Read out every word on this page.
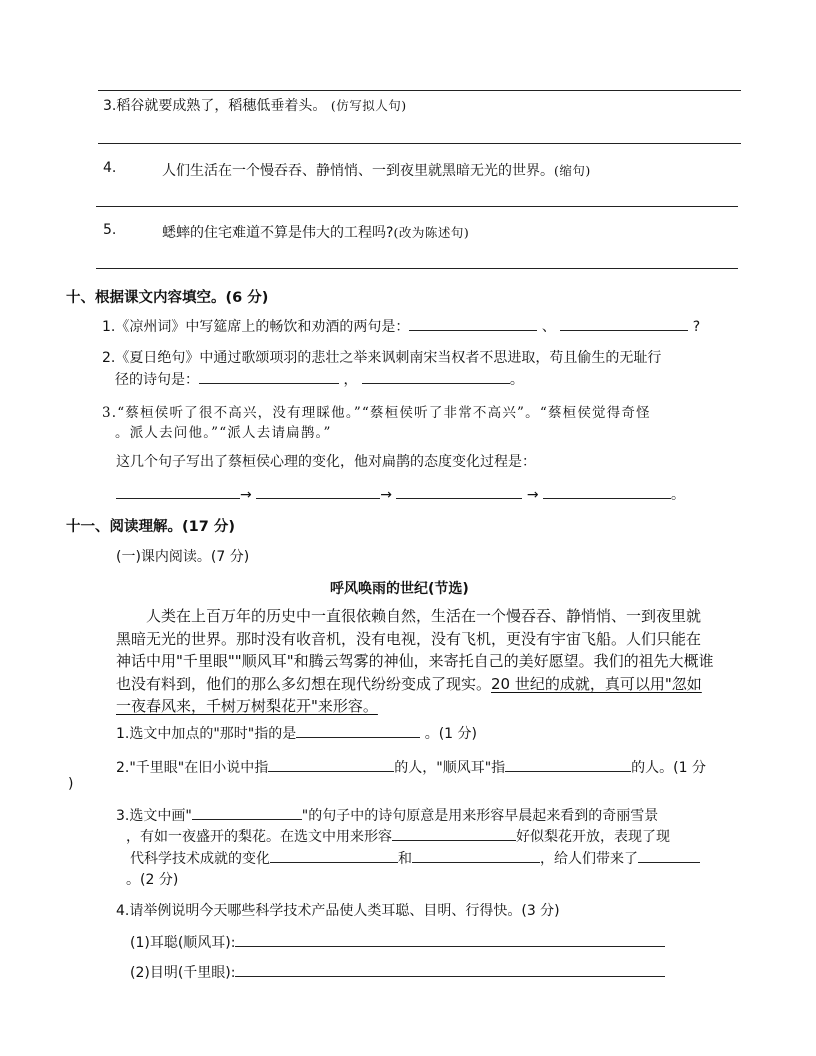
3.稻谷就要成熟了，稻穗低垂着头。 (仿写拟人句)
4.	人们生活在一个慢吞吞、静悄悄、一到夜里就黑暗无光的世界。(缩句)
5.	蟋蟀的住宅难道不算是伟大的工程吗?(改为陈述句)
十、根据课文内容填空。(6 分)
1.《凉州词》中写筵席上的畅饮和劝酒的两句是：	、	?
2.《夏日绝句》中通过歌颂项羽的悲壮之举来讽刺南宋当权者不思进取，苟且偷生的无耻行
径的诗句是：	，	。
3.“蔡桓侯听了很不高兴，没有理睬他。”“蔡桓侯听了非常不高兴”。“蔡桓侯觉得奇怪
。派人去问他。”“派人去请扁鹊。”
这几个句子写出了蔡桓侯心理的变化，他对扁鹊的态度变化过程是：
→	→	→	。
十一、阅读理解。(17 分)
(一)课内阅读。(7 分)
呼风唤雨的世纪(节选)
人类在上百万年的历史中一直很依赖自然，生活在一个慢吞吞、静悄悄、一到夜里就
黑暗无光的世界。那时没有收音机，没有电视，没有飞机，更没有宇宙飞船。人们只能在
神话中用"千里眼""顺风耳"和腾云驾雾的神仙，来寄托自己的美好愿望。我们的祖先大概谁
也没有料到，他们的那么多幻想在现代纷纷变成了现实。20 世纪的成就，真可以用"忽如
一夜春风来，千树万树梨花开"来形容。
1.选文中加点的"那时"指的是	。(1 分)
2."千里眼"在旧小说中指	的人，"顺风耳"指	的人。(1 分
)
3.选文中画"	"的句子中的诗句原意是用来形容早晨起来看到的奇丽雪景
，有如一夜盛开的梨花。在选文中用来形容	好似梨花开放，表现了现
代科学技术成就的变化	和	，给人们带来了
。(2 分)
4.请举例说明今天哪些科学技术产品使人类耳聪、目明、行得快。(3 分)
(1)耳聪(顺风耳):
(2)目明(千里眼):
